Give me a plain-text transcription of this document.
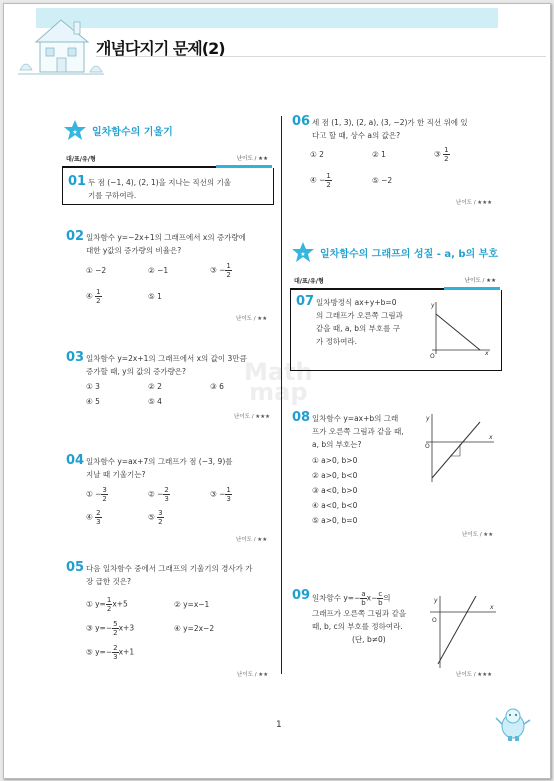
개념다지기 문제(2)
Math
map
★ 일차함수의 기울기
대/표/유/형	난이도 / ★★
01 두 점 (−1, 4), (2, 1)을 지나는 직선의 기울
기를 구하여라.
02 일차함수 y=−2x+1의 그래프에서 x의 증가량에
대한 y값의 증가량의 비율은?
① −2	② −1	③ − $\frac{1}{2}$
④ $\frac{1}{2}$	⑤ 1
난이도 / ★★
03 일차함수 y=2x+1의 그래프에서 x의 값이 3만큼
증가할 때, y의 값의 증가량은?
① 3	② 2	③ 6
④ 5	⑤ 4
난이도 / ★★★
04 일차함수 y=ax+7의 그래프가 점 (−3, 9)를
지날 때 기울기는?
① − $\frac{3}{2}$	② − $\frac{2}{3}$	③ − $\frac{1}{3}$
④ $\frac{2}{3}$	⑤ $\frac{3}{2}$
난이도 / ★★
05 다음 일차함수 중에서 그래프의 기울기의 경사가 가
장 급한 것은?
① $y= \frac{1}{2} x+5$	② y=x−1
③ $y=- \frac{5}{2} x+3$	④ y=2x−2
⑤ $y=- \frac{2}{3} x+1$
난이도 / ★★
06 세 점 (1, 3), (2, a), (3, −2)가 한 직선 위에 있
다고 할 때, 상수 a의 값은?
① 2	② 1	③ $\frac{1}{2}$
④ − $\frac{1}{2}$	⑤ −2
난이도 / ★★★
★ 일차함수의 그래프의 성질 - a, b의 부호
대/표/유/형	난이도 / ★★
07 일차방정식 ax+y+b=0
의 그래프가 오른쪽 그림과
같을 때, a, b의 부호를 구
가 정하여라.
O	x
y
08 일차함수 y=ax+b의 그래
프가 오른쪽 그림과 같을 때,
a, b의 부호는?
① a>0, b>0
② a>0, b<0
③ a<0, b>0
④ a<0, b<0
⑤ a>0, b=0
O
x
y
난이도 / ★★
09 일차함수 $y=- \frac{a}{b} x- \frac{c}{b}$ 의
그래프가 오른쪽 그림과 같을
때, b, c의 부호를 정하여라.
(단, b≠0)
O
x
y
난이도 / ★★★
1
